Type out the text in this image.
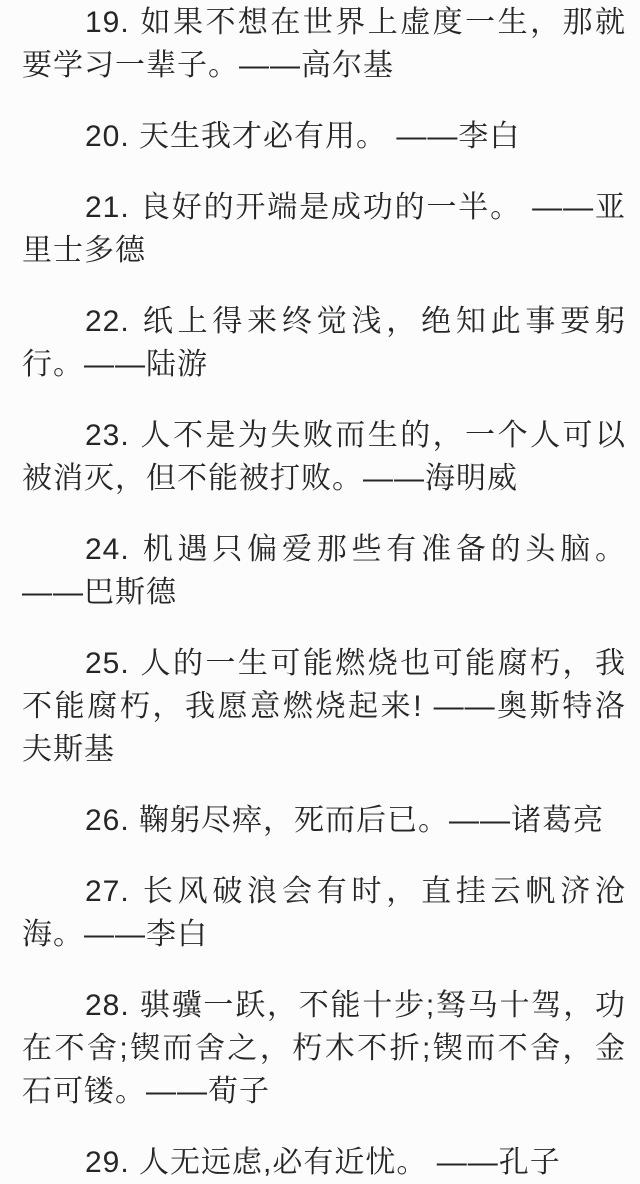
19. 如果不想在世界上虚度一生，那就要学习一辈子。——高尔基

20. 天生我才必有用。 ——李白

21. 良好的开端是成功的一半。 ——亚里士多德

22. 纸上得来终觉浅，绝知此事要躬行。——陆游

23. 人不是为失败而生的，一个人可以被消灭，但不能被打败。——海明威

24. 机遇只偏爱那些有准备的头脑。 ——巴斯德

25. 人的一生可能燃烧也可能腐朽，我不能腐朽，我愿意燃烧起来! ——奥斯特洛夫斯基

26. 鞠躬尽瘁，死而后已。——诸葛亮

27. 长风破浪会有时，直挂云帆济沧海。——李白

28. 骐骥一跃，不能十步;驽马十驾，功在不舍;锲而舍之，朽木不折;锲而不舍，金石可镂。——荀子

29. 人无远虑,必有近忧。 ——孔子
